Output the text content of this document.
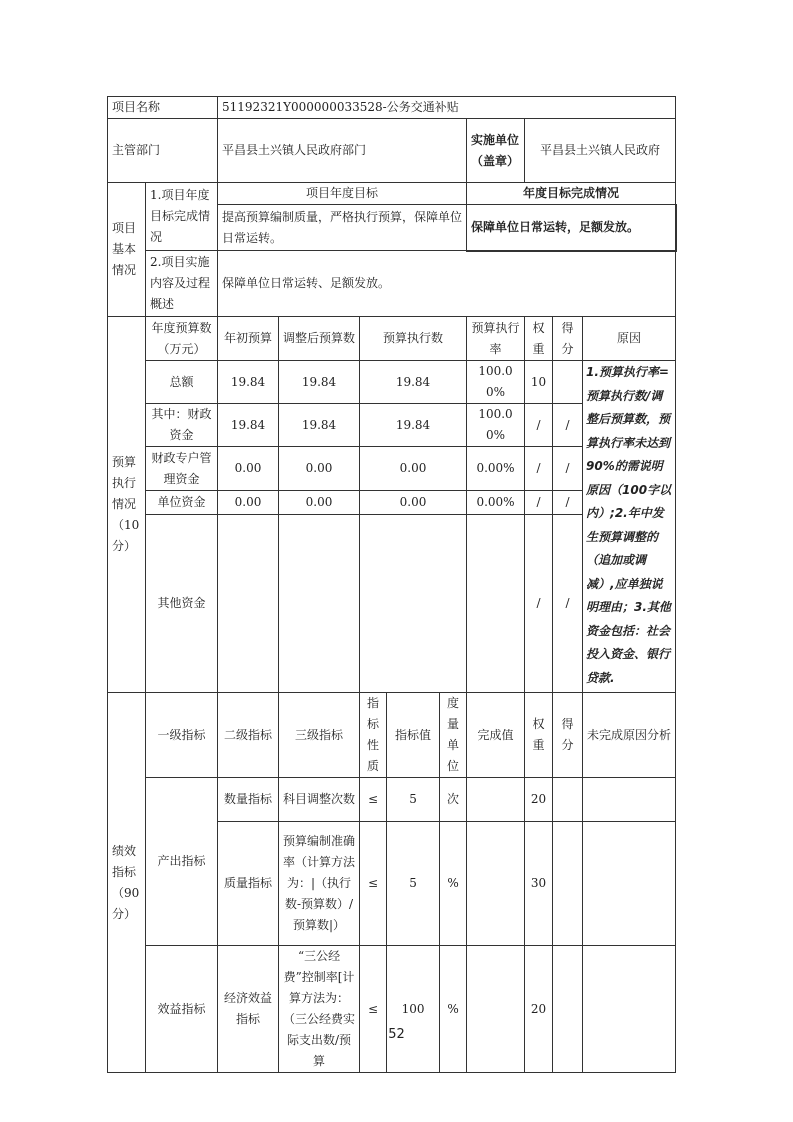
项目名称		51192321Y000000033528-公务交通补贴								
主管部门		平昌县土兴镇人民政府部门					实施单位（盖章）	平昌县土兴镇人民政府		
项目基本情况	1.项目年度目标完成情况	项目年度目标					年度目标完成情况			
		提高预算编制质量，严格执行预算，保障单位日常运转。					保障单位日常运转，足额发放。			
	2.项目实施内容及过程概述	保障单位日常运转、足额发放。								
预算执行情况（10分）	年度预算数（万元）	年初预算	调整后预算数	预算执行数			预算执行率	权重	得分	原因
	总额	19.84	19.84	19.84			100.00%	10		1.预算执行率=预算执行数/调整后预算数，预算执行率未达到90%的需说明原因（100字以内）;2.年中发生预算调整的（追加或调减）,应单独说明理由；3.其他资金包括：社会投入资金、银行贷款.
	其中：财政资金	19.84	19.84	19.84			100.00%	/	/	
	财政专户管理资金	0.00	0.00	0.00			0.00%	/	/	
	单位资金	0.00	0.00	0.00			0.00%	/	/	
	其他资金							/	/	
绩效指标（90分）	一级指标	二级指标	三级指标	指标性质	指标值	度量单位	完成值	权重	得分	未完成原因分析
	产出指标	数量指标	科目调整次数	≤	5	次		20		
		质量指标	预算编制准确率（计算方法为：|（执行数-预算数）/预算数|）	≤	5	%		30		
	效益指标	经济效益指标	“三公经费”控制率[计算方法为：（三公经费实际支出数/预算	≤	100	%		20		
52
